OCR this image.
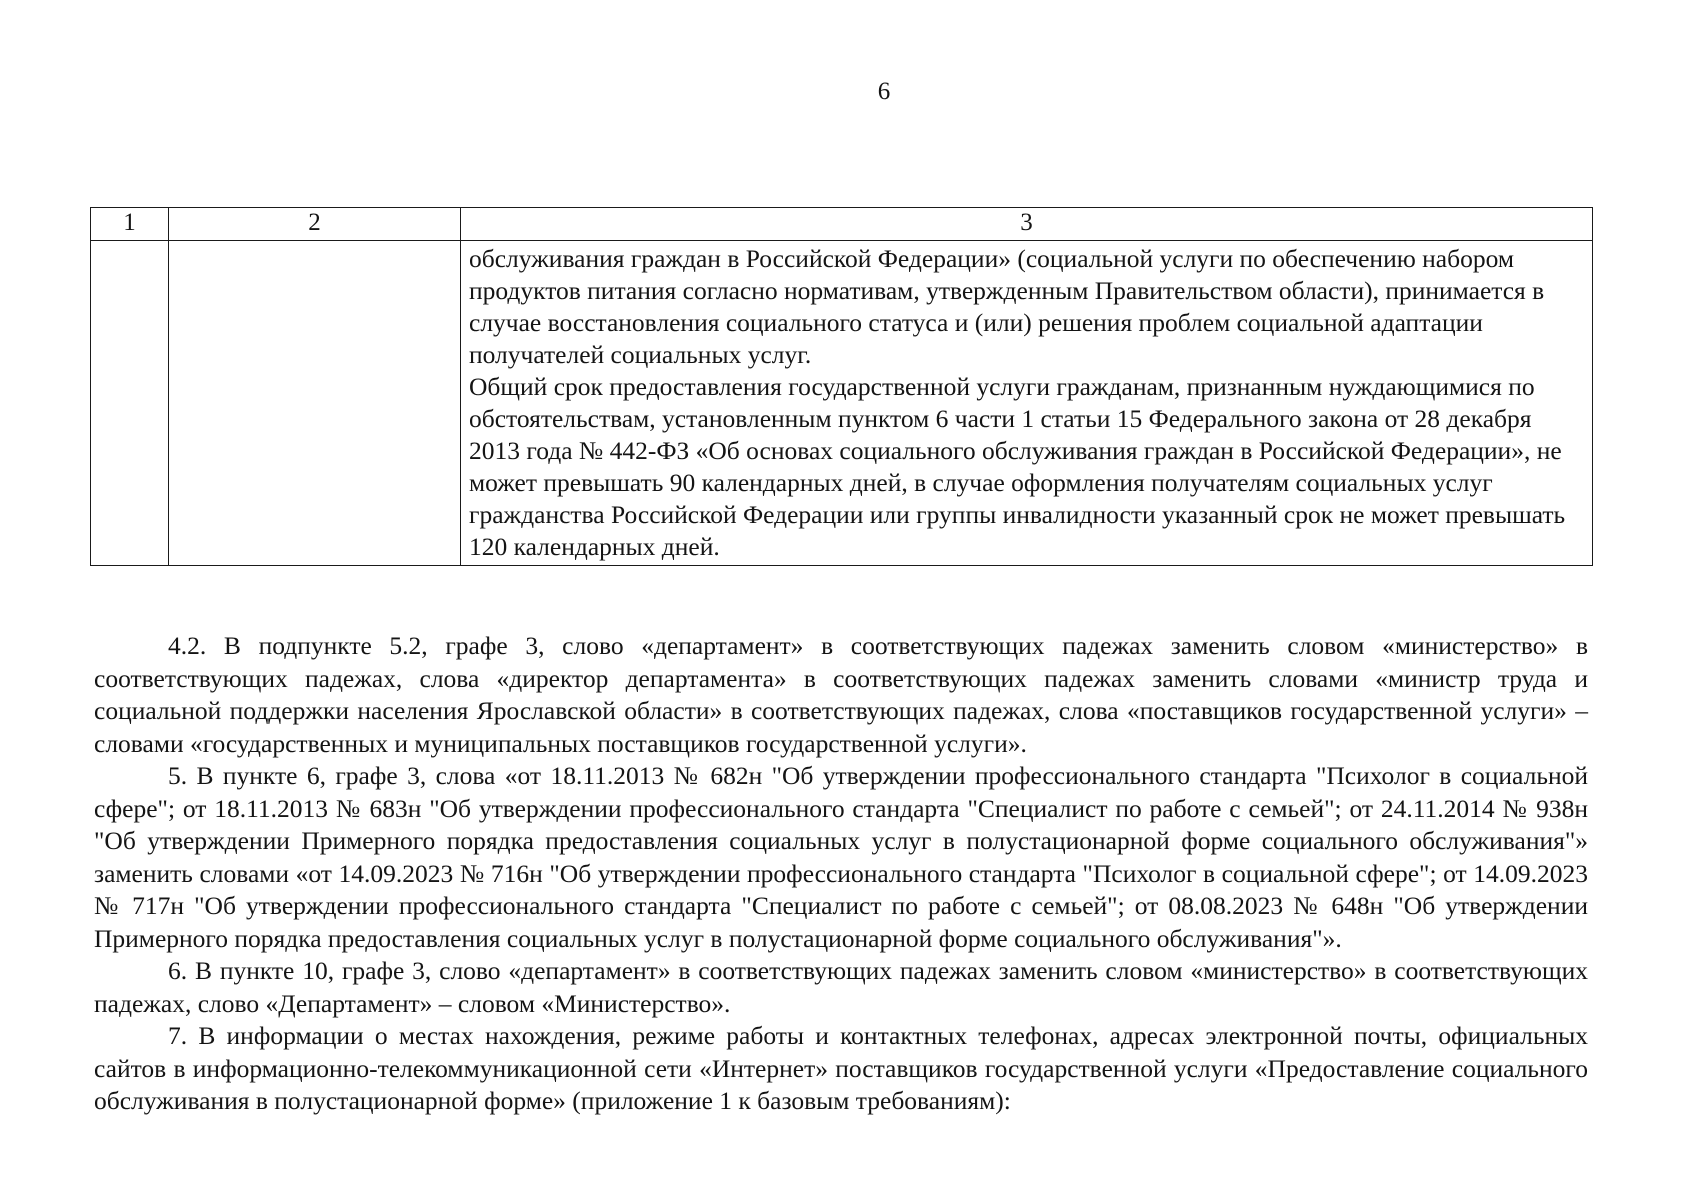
6
1	2	3

		обслуживания граждан в Российской Федерации» (социальной услуги по обеспечению набором продуктов питания согласно нормативам, утвержденным Правительством области), принимается в случае восстановления социального статуса и (или) решения проблем социальной адаптации получателей социальных услуг.

Общий срок предоставления государственной услуги гражданам, признанным нуждающимися по обстоятельствам, установленным пунктом 6 части 1 статьи 15 Федерального закона от 28 декабря 2013 года № 442-ФЗ «Об основах социального обслуживания граждан в Российской Федерации», не может превышать 90 календарных дней, в случае оформления получателям социальных услуг гражданства Российской Федерации или группы инвалидности указанный срок не может превышать 120 календарных дней.

4.2. В подпункте 5.2, графе 3, слово «департамент» в соответствующих падежах заменить словом «министерство» в соответствующих падежах, слова «директор департамента» в соответствующих падежах заменить словами «министр труда и социальной поддержки населения Ярославской области» в соответствующих падежах, слова «поставщиков государственной услуги» – словами «государственных и муниципальных поставщиков государственной услуги».

5. В пункте 6, графе 3, слова «от 18.11.2013 № 682н "Об утверждении профессионального стандарта "Психолог в социальной сфере"; от 18.11.2013 № 683н "Об утверждении профессионального стандарта "Специалист по работе с семьей"; от 24.11.2014 № 938н "Об утверждении Примерного порядка предоставления социальных услуг в полустационарной форме социального обслуживания"» заменить словами «от 14.09.2023 № 716н "Об утверждении профессионального стандарта "Психолог в социальной сфере"; от 14.09.2023 № 717н "Об утверждении профессионального стандарта "Специалист по работе с семьей"; от 08.08.2023 № 648н "Об утверждении Примерного порядка предоставления социальных услуг в полустационарной форме социального обслуживания"».

6. В пункте 10, графе 3, слово «департамент» в соответствующих падежах заменить словом «министерство» в соответствующих падежах, слово «Департамент» – словом «Министерство».

7. В информации о местах нахождения, режиме работы и контактных телефонах, адресах электронной почты, официальных сайтов в информационно-телекоммуникационной сети «Интернет» поставщиков государственной услуги «Предоставление социального обслуживания в полустационарной форме» (приложение 1 к базовым требованиям):
